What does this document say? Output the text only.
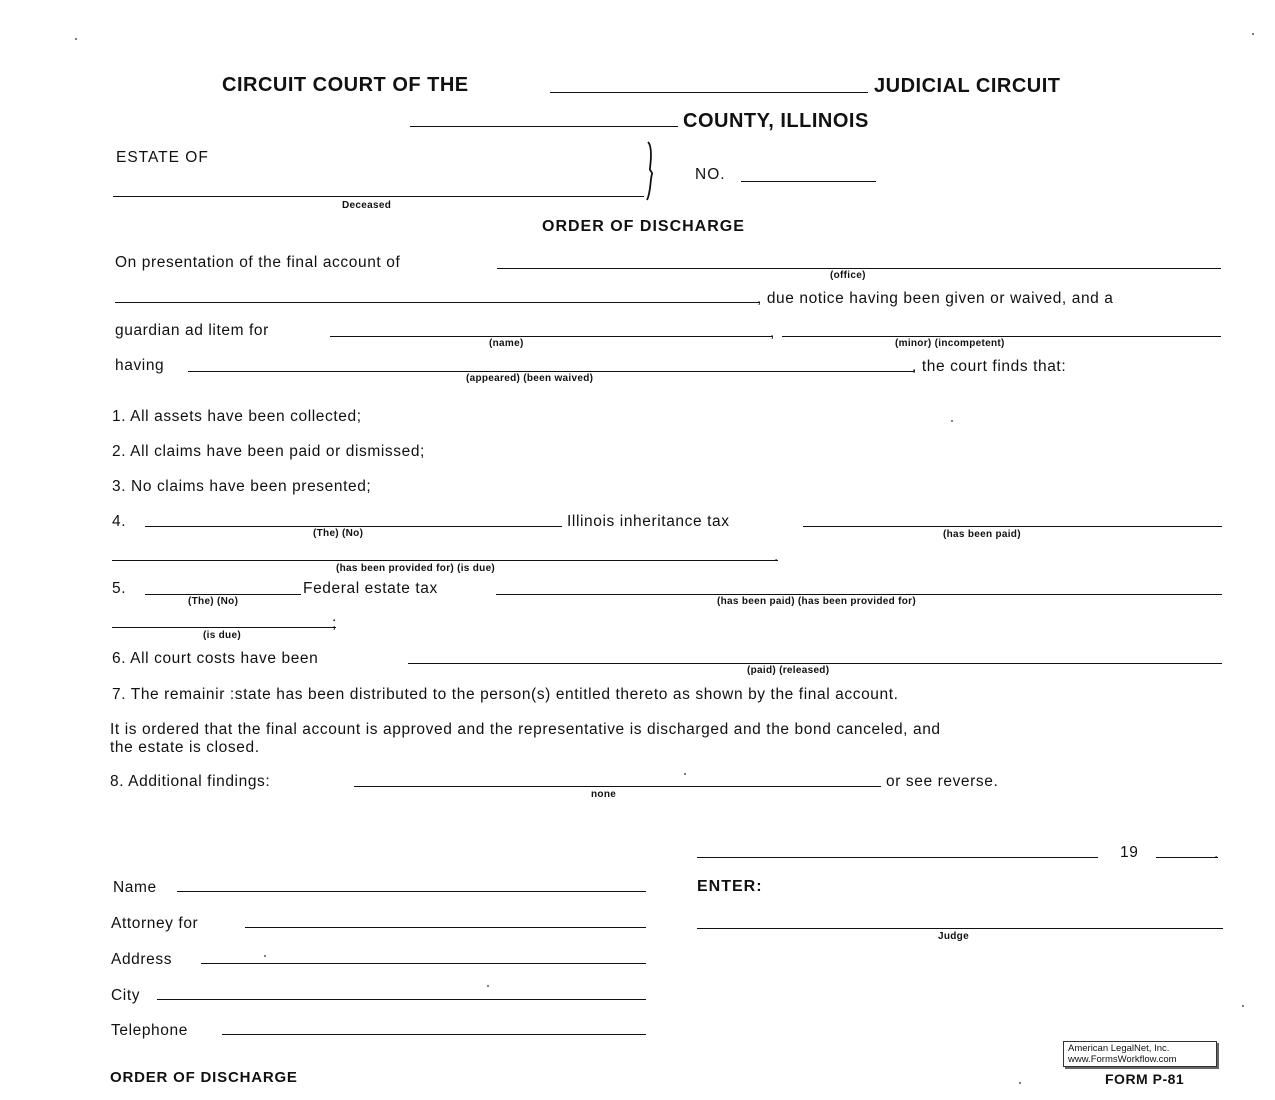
CIRCUIT COURT OF THE	JUDICIAL CIRCUIT
COUNTY, ILLINOIS
ESTATE OF
Deceased
NO.
ORDER OF DISCHARGE
On presentation of the final account of
(office)
, due notice having been given or waived, and a
guardian ad litem for
(name)
,
(minor) (incompetent)
having
(appeared) (been waived)
, the court finds that:
1. All assets have been collected;
2. All claims have been paid or dismissed;
3. No claims have been presented;
4.
(The) (No)
Illinois inheritance tax
(has been paid)
.
(has been provided for) (is due)
5.
(The) (No)
Federal estate tax
(has been paid) (has been provided for)
;
(is due)
6. All court costs have been
(paid) (released)
7. The remainir :state has been distributed to the person(s) entitled thereto as shown by the final account.
It is ordered that the final account is approved and the representative is discharged and the bond canceled, and
the estate is closed.
8. Additional findings:
none
or see reverse.
19	.
ENTER:
Judge
Name
Attorney for
Address
City
Telephone
ORDER OF DISCHARGE	FORM P-81
American LegalNet, Inc.
www.FormsWorkflow.com
